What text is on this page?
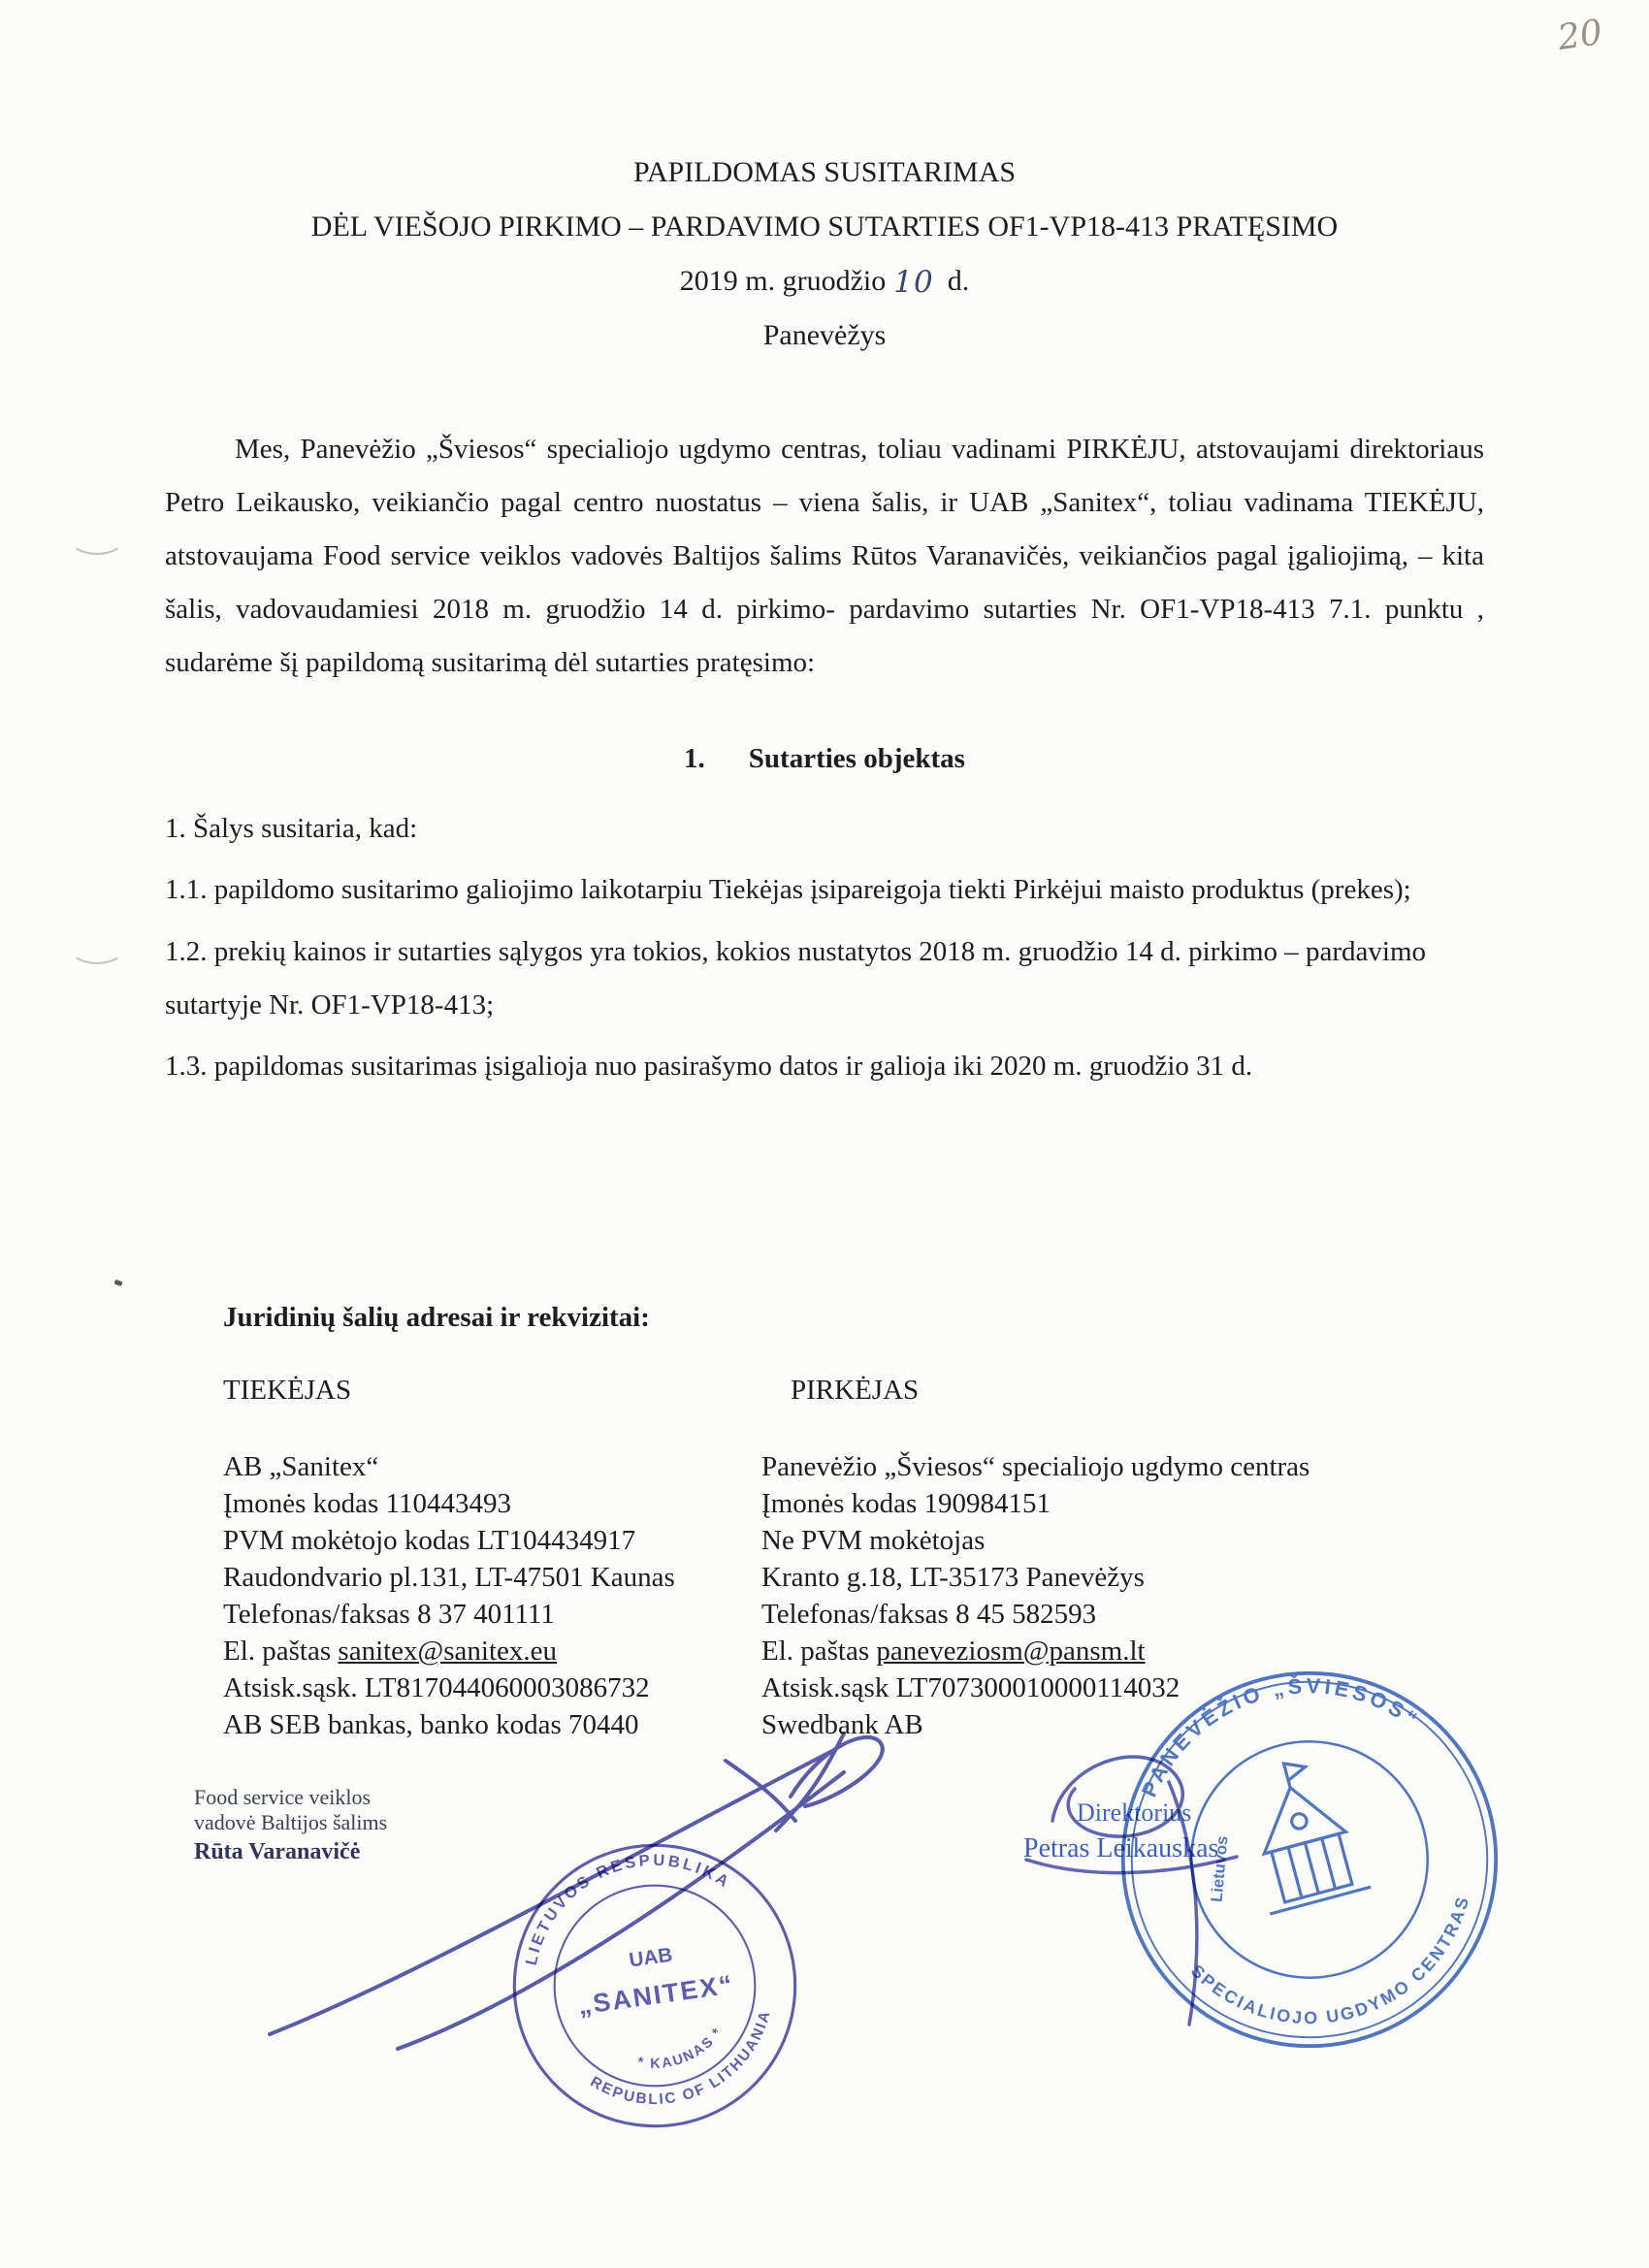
20
PAPILDOMAS SUSITARIMAS
DĖL VIEŠOJO PIRKIMO – PARDAVIMO SUTARTIES OF1-VP18-413 PRATĘSIMO
2019 m. gruodžio 10 d.
Panevėžys

Mes, Panevėžio „Šviesos“ specialiojo ugdymo centras, toliau vadinami PIRKĖJU, atstovaujami direktoriaus Petro Leikausko, veikiančio pagal centro nuostatus – viena šalis, ir UAB „Sanitex“, toliau vadinama TIEKĖJU, atstovaujama Food service veiklos vadovės Baltijos šalims Rūtos Varanavičės, veikiančios pagal įgaliojimą, – kita šalis, vadovaudamiesi 2018 m. gruodžio 14 d. pirkimo- pardavimo sutarties Nr. OF1-VP18-413 7.1. punktu , sudarėme šį papildomą susitarimą dėl sutarties pratęsimo:

1. Sutarties objektas

1. Šalys susitaria, kad:

1.1. papildomo susitarimo galiojimo laikotarpiu Tiekėjas įsipareigoja tiekti Pirkėjui maisto produktus (prekes);

1.2. prekių kainos ir sutarties sąlygos yra tokios, kokios nustatytos 2018 m. gruodžio 14 d. pirkimo – pardavimo sutartyje Nr. OF1-VP18-413;

1.3. papildomas susitarimas įsigalioja nuo pasirašymo datos ir galioja iki 2020 m. gruodžio 31 d.

Juridinių šalių adresai ir rekvizitai:
TIEKĖJAS
AB „Sanitex“
Įmonės kodas 110443493
PVM mokėtojo kodas LT104434917
Raudondvario pl.131, LT-47501 Kaunas
Telefonas/faksas 8 37 401111
El. paštas sanitex@sanitex.eu
Atsisk.sąsk. LT817044060003086732
AB SEB bankas, banko kodas 70440
PIRKĖJAS
Panevėžio „Šviesos“ specialiojo ugdymo centras
Įmonės kodas 190984151
Ne PVM mokėtojas
Kranto g.18, LT-35173 Panevėžys
Telefonas/faksas 8 45 582593
El. paštas paneveziosm@pansm.lt
Atsisk.sąsk LT707300010000114032
Swedbank AB
Food service veiklos
vadovė Baltijos šalims
Rūta Varanavičė
LIETUVOS RESPUBLIKA
REPUBLIC OF LITHUANIA
* KAUNAS *
UAB
„SANITEX“
Direktorius
Petras Leikauskas
PANEVĖŽIO „ŠVIESOS“
SPECIALIOJO UGDYMO CENTRAS
Lietuvos
